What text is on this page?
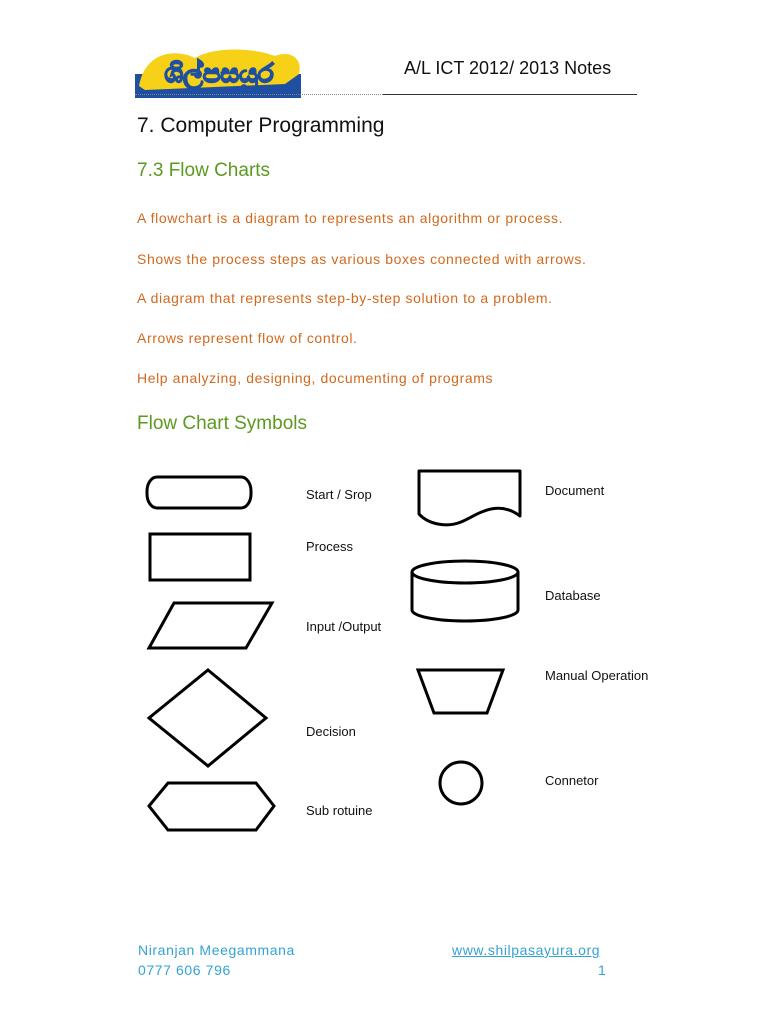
ශිල්පසයුර	A/L ICT 2012/ 2013 Notes
7. Computer Programming
7.3 Flow Charts
A flowchart is a diagram to represents an algorithm or process.
Shows the process steps as various boxes connected with arrows.
A diagram that represents step-by-step solution to a problem.
Arrows represent flow of control.
Help analyzing, designing, documenting of programs
Flow Chart Symbols
Start / Srop
Process
Input /Output
Decision
Sub rotuine
Document
Database
Manual Operation
Connetor
Niranjan Meegammana
0777 606 796
www.shilpasayura.org
1
